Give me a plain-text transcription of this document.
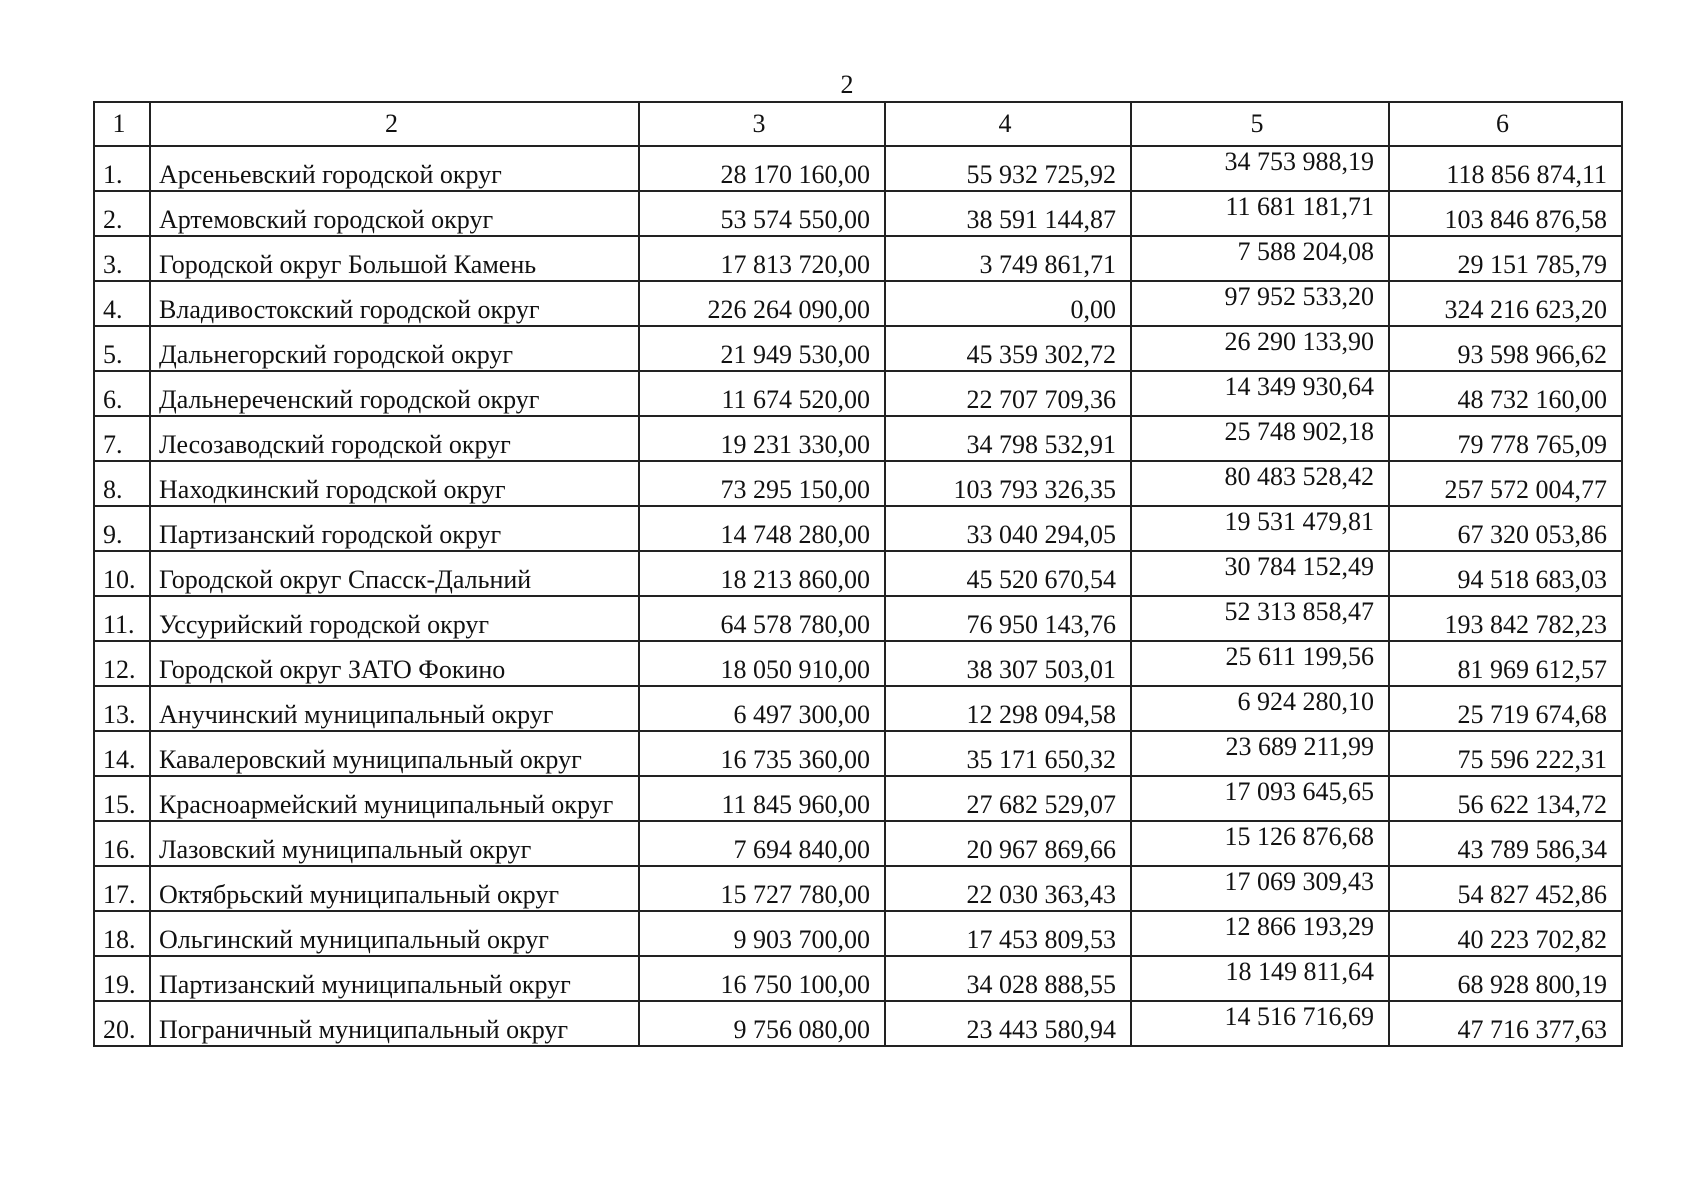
2
1	2	3	4	5	6
1.	Арсеньевский городской округ	28 170 160,00	55 932 725,92	34 753 988,19	118 856 874,11
2.	Артемовский городской округ	53 574 550,00	38 591 144,87	11 681 181,71	103 846 876,58
3.	Городской округ Большой Камень	17 813 720,00	3 749 861,71	7 588 204,08	29 151 785,79
4.	Владивостокский городской округ	226 264 090,00	0,00	97 952 533,20	324 216 623,20
5.	Дальнегорский городской округ	21 949 530,00	45 359 302,72	26 290 133,90	93 598 966,62
6.	Дальнереченский городской округ	11 674 520,00	22 707 709,36	14 349 930,64	48 732 160,00
7.	Лесозаводский городской округ	19 231 330,00	34 798 532,91	25 748 902,18	79 778 765,09
8.	Находкинский городской округ	73 295 150,00	103 793 326,35	80 483 528,42	257 572 004,77
9.	Партизанский городской округ	14 748 280,00	33 040 294,05	19 531 479,81	67 320 053,86
10.	Городской округ Спасск-Дальний	18 213 860,00	45 520 670,54	30 784 152,49	94 518 683,03
11.	Уссурийский городской округ	64 578 780,00	76 950 143,76	52 313 858,47	193 842 782,23
12.	Городской округ ЗАТО Фокино	18 050 910,00	38 307 503,01	25 611 199,56	81 969 612,57
13.	Анучинский муниципальный округ	6 497 300,00	12 298 094,58	6 924 280,10	25 719 674,68
14.	Кавалеровский муниципальный округ	16 735 360,00	35 171 650,32	23 689 211,99	75 596 222,31
15.	Красноармейский муниципальный округ	11 845 960,00	27 682 529,07	17 093 645,65	56 622 134,72
16.	Лазовский муниципальный округ	7 694 840,00	20 967 869,66	15 126 876,68	43 789 586,34
17.	Октябрьский муниципальный округ	15 727 780,00	22 030 363,43	17 069 309,43	54 827 452,86
18.	Ольгинский муниципальный округ	9 903 700,00	17 453 809,53	12 866 193,29	40 223 702,82
19.	Партизанский муниципальный округ	16 750 100,00	34 028 888,55	18 149 811,64	68 928 800,19
20.	Пограничный муниципальный округ	9 756 080,00	23 443 580,94	14 516 716,69	47 716 377,63
